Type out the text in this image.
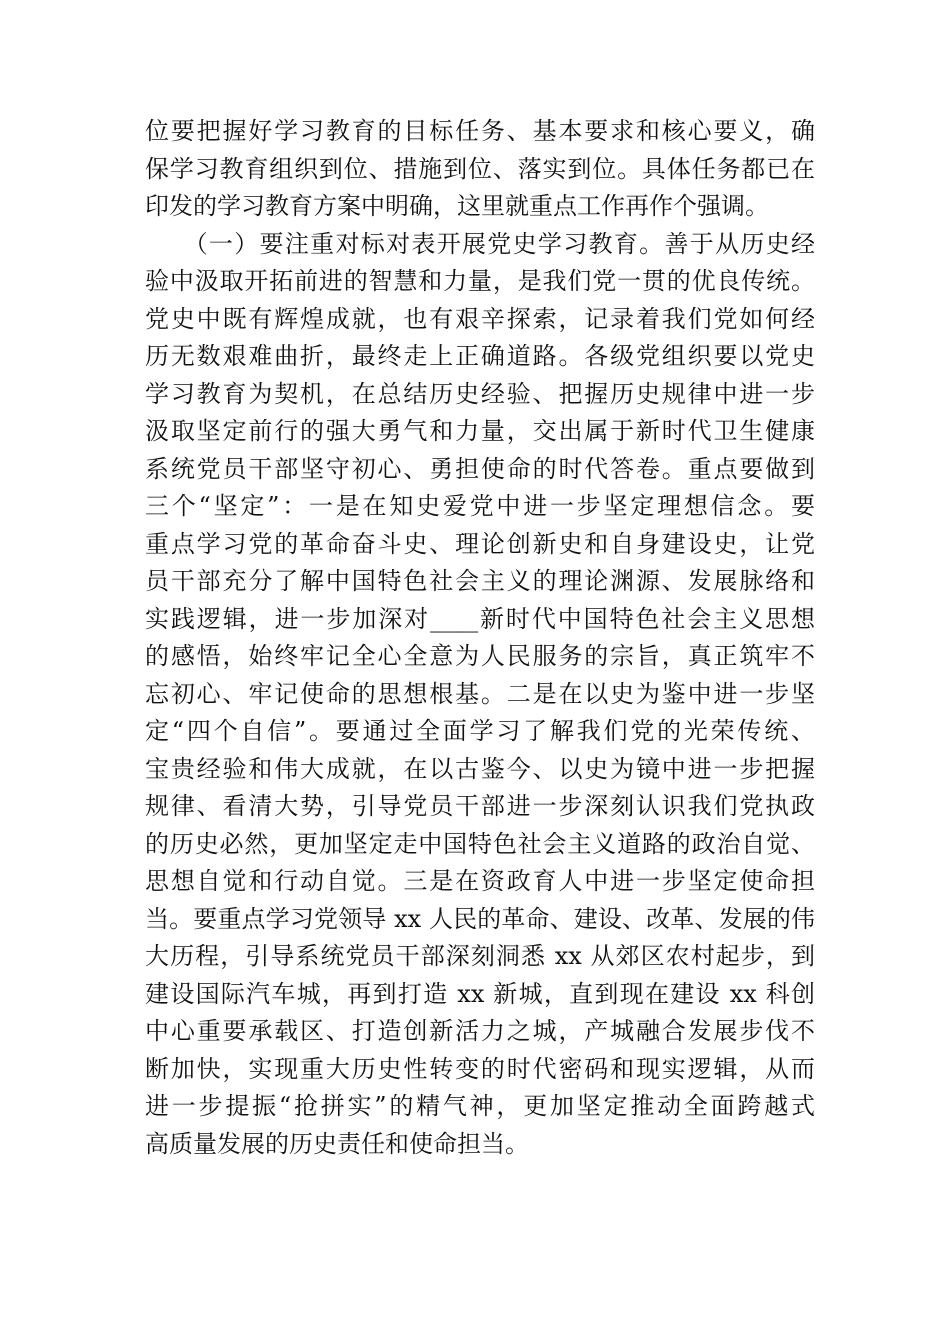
位要把握好学习教育的目标任务、基本要求和核心要义，确
保学习教育组织到位、措施到位、落实到位。具体任务都已在
印发的学习教育方案中明确，这里就重点工作再作个强调。
　　（一）要注重对标对表开展党史学习教育。善于从历史经
验中汲取开拓前进的智慧和力量，是我们党一贯的优良传统。
党史中既有辉煌成就，也有艰辛探索，记录着我们党如何经
历无数艰难曲折，最终走上正确道路。各级党组织要以党史
学习教育为契机，在总结历史经验、把握历史规律中进一步
汲取坚定前行的强大勇气和力量，交出属于新时代卫生健康
系统党员干部坚守初心、勇担使命的时代答卷。重点要做到
三个“坚定”：一是在知史爱党中进一步坚定理想信念。要
重点学习党的革命奋斗史、理论创新史和自身建设史，让党
员干部充分了解中国特色社会主义的理论渊源、发展脉络和
实践逻辑，进一步加深对____新时代中国特色社会主义思想
的感悟，始终牢记全心全意为人民服务的宗旨，真正筑牢不
忘初心、牢记使命的思想根基。二是在以史为鉴中进一步坚
定“四个自信”。要通过全面学习了解我们党的光荣传统、
宝贵经验和伟大成就，在以古鉴今、以史为镜中进一步把握
规律、看清大势，引导党员干部进一步深刻认识我们党执政
的历史必然，更加坚定走中国特色社会主义道路的政治自觉、
思想自觉和行动自觉。三是在资政育人中进一步坚定使命担
当。要重点学习党领导 xx 人民的革命、建设、改革、发展的伟
大历程，引导系统党员干部深刻洞悉 xx 从郊区农村起步，到
建设国际汽车城，再到打造 xx 新城，直到现在建设 xx 科创
中心重要承载区、打造创新活力之城，产城融合发展步伐不
断加快，实现重大历史性转变的时代密码和现实逻辑，从而
进一步提振“抢拼实”的精气神，更加坚定推动全面跨越式
高质量发展的历史责任和使命担当。
